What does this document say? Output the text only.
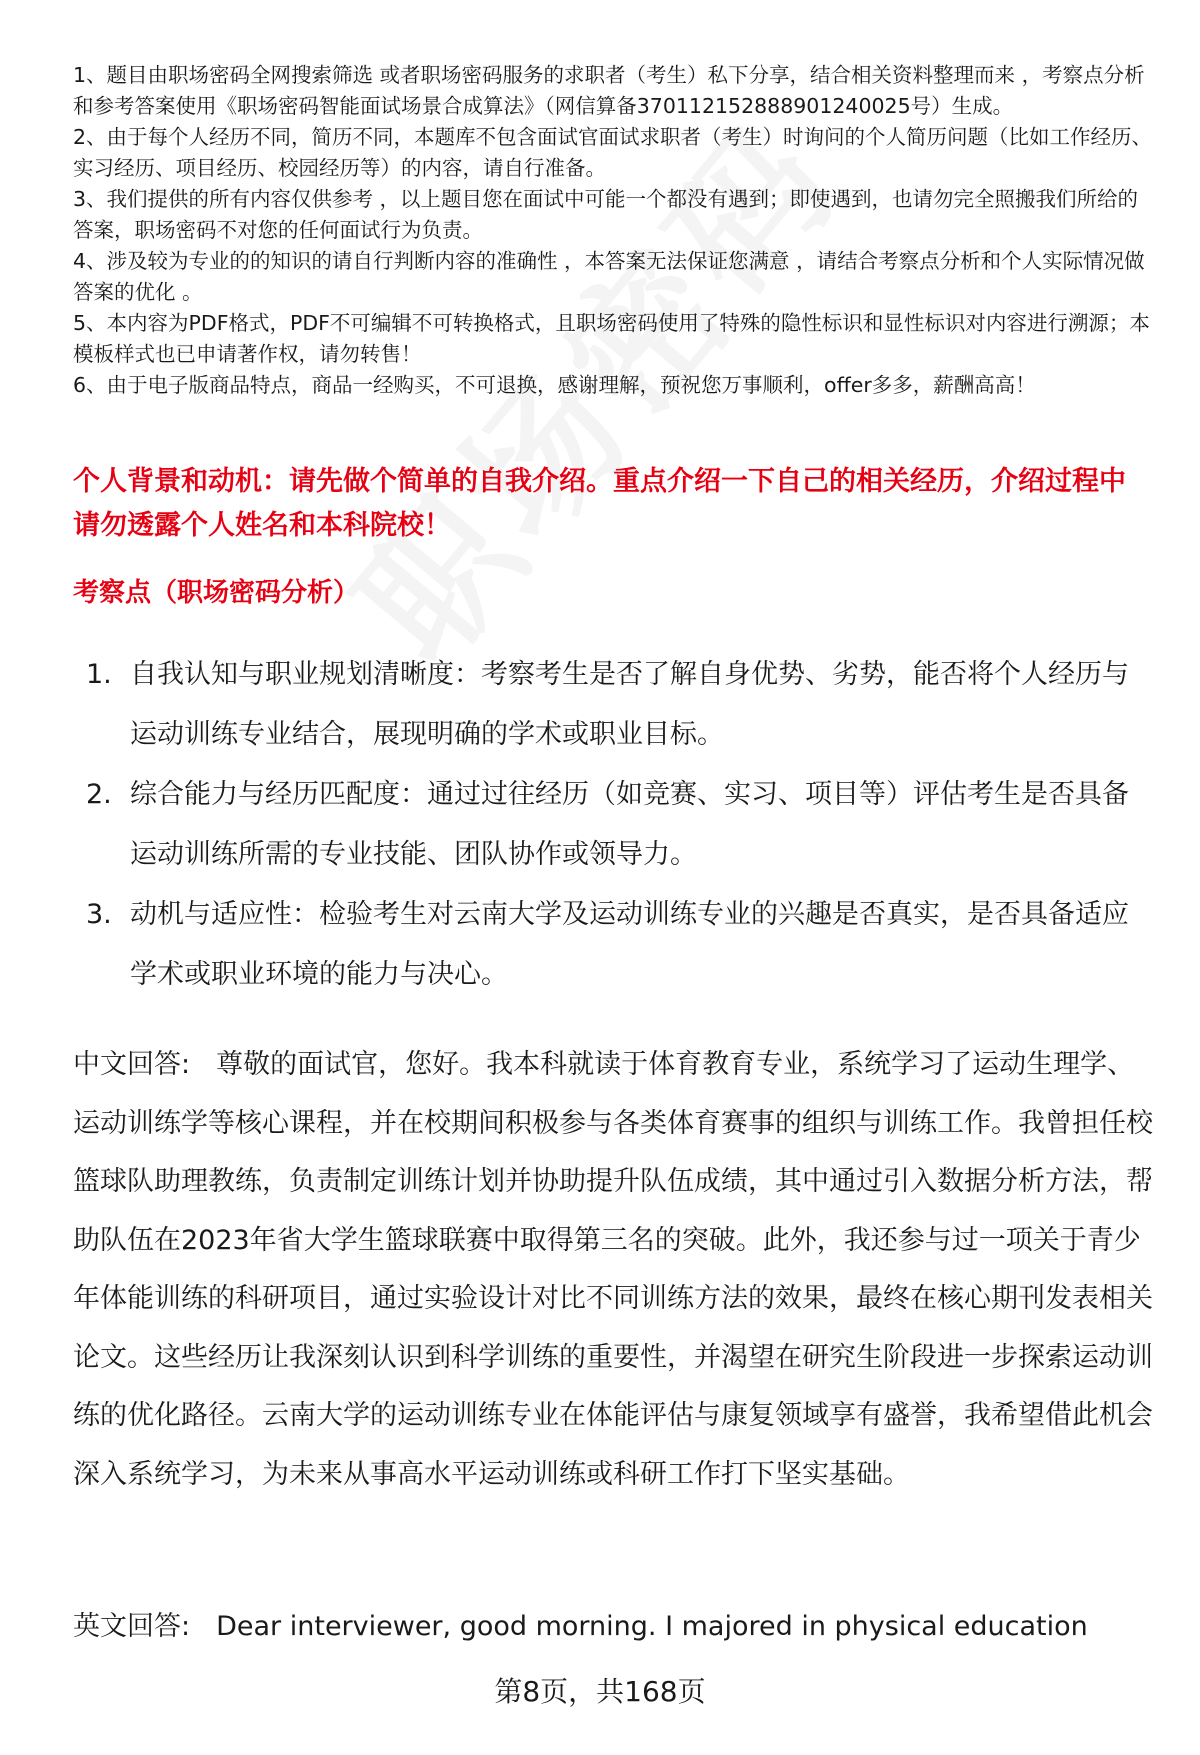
1、题目由职场密码全网搜索筛选 或者职场密码服务的求职者（考生）私下分享，结合相关资料整理而来 ，考察点分析和参考答案使用《职场密码智能面试场景合成算法》（网信算备370112152888901240025号）生成。

2、由于每个人经历不同，简历不同，本题库不包含面试官面试求职者（考生）时询问的个人简历问题（比如工作经历、实习经历、项目经历、校园经历等）的内容，请自行准备。

3、我们提供的所有内容仅供参考 ，以上题目您在面试中可能一个都没有遇到；即使遇到，也请勿完全照搬我们所给的答案，职场密码不对您的任何面试行为负责。

4、涉及较为专业的的知识的请自行判断内容的准确性 ，本答案无法保证您满意 ，请结合考察点分析和个人实际情况做答案的优化 。

5、本内容为PDF格式，PDF不可编辑不可转换格式，且职场密码使用了特殊的隐性标识和显性标识对内容进行溯源；本模板样式也已申请著作权，请勿转售！

6、由于电子版商品特点，商品一经购买，不可退换，感谢理解，预祝您万事顺利，offer多多，薪酬高高！

个人背景和动机：请先做个简单的自我介绍。重点介绍一下自己的相关经历，介绍过程中请勿透露个人姓名和本科院校！
考察点（职场密码分析）
1. 自我认知与职业规划清晰度：考察考生是否了解自身优势、劣势，能否将个人经历与运动训练专业结合，展现明确的学术或职业目标。
2. 综合能力与经历匹配度：通过过往经历（如竞赛、实习、项目等）评估考生是否具备运动训练所需的专业技能、团队协作或领导力。
3. 动机与适应性：检验考生对云南大学及运动训练专业的兴趣是否真实，是否具备适应学术或职业环境的能力与决心。

中文回答: 尊敬的面试官，您好。我本科就读于体育教育专业，系统学习了运动生理学、运动训练学等核心课程，并在校期间积极参与各类体育赛事的组织与训练工作。我曾担任校篮球队助理教练，负责制定训练计划并协助提升队伍成绩，其中通过引入数据分析方法，帮助队伍在2023年省大学生篮球联赛中取得第三名的突破。此外，我还参与过一项关于青少年体能训练的科研项目，通过实验设计对比不同训练方法的效果，最终在核心期刊发表相关论文。这些经历让我深刻认识到科学训练的重要性，并渴望在研究生阶段进一步探索运动训练的优化路径。云南大学的运动训练专业在体能评估与康复领域享有盛誉，我希望借此机会深入系统学习，为未来从事高水平运动训练或科研工作打下坚实基础。

英文回答: Dear interviewer, good morning. I majored in physical education

第8页，共168页
